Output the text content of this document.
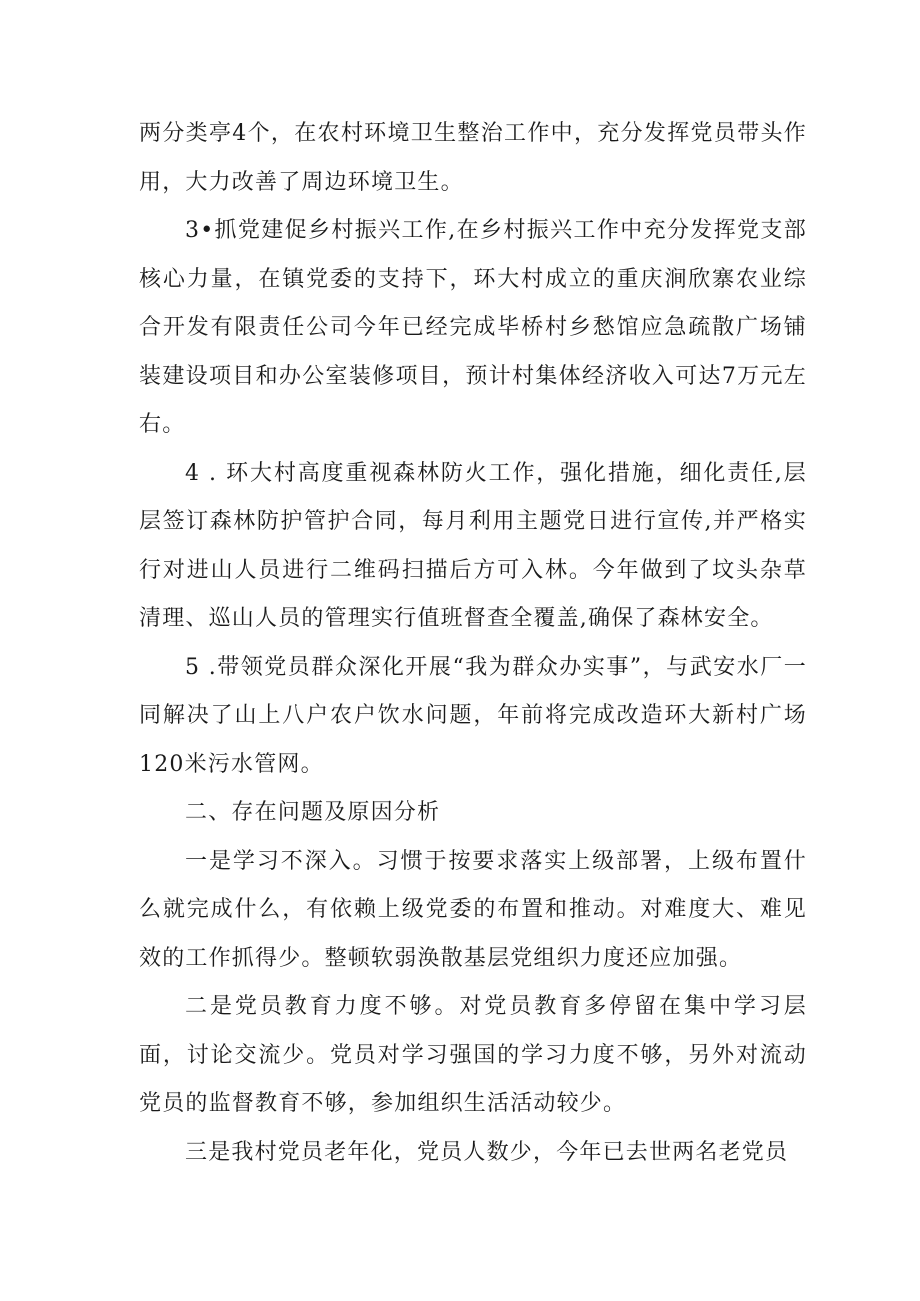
两分类亭4个，在农村环境卫生整治工作中，充分发挥党员带头作用，大力改善了周边环境卫生。

3•抓党建促乡村振兴工作,在乡村振兴工作中充分发挥党支部核心力量，在镇党委的支持下，环大村成立的重庆涧欣寨农业综合开发有限责任公司今年已经完成毕桥村乡愁馆应急疏散广场铺装建设项目和办公室装修项目，预计村集体经济收入可达7万元左右。

4 . 环大村高度重视森林防火工作，强化措施，细化责任,层层签订森林防护管护合同，每月利用主题党日进行宣传,并严格实行对进山人员进行二维码扫描后方可入林。今年做到了坟头杂草清理、巡山人员的管理实行值班督查全覆盖,确保了森林安全。

5 .带领党员群众深化开展“我为群众办实事”，与武安水厂一同解决了山上八户农户饮水问题，年前将完成改造环大新村广场120米污水管网。

二、存在问题及原因分析

一是学习不深入。习惯于按要求落实上级部署，上级布置什么就完成什么，有依赖上级党委的布置和推动。对难度大、难见效的工作抓得少。整顿软弱涣散基层党组织力度还应加强。

二是党员教育力度不够。对党员教育多停留在集中学习层面，讨论交流少。党员对学习强国的学习力度不够，另外对流动党员的监督教育不够，参加组织生活活动较少。

三是我村党员老年化，党员人数少，今年已去世两名老党员
